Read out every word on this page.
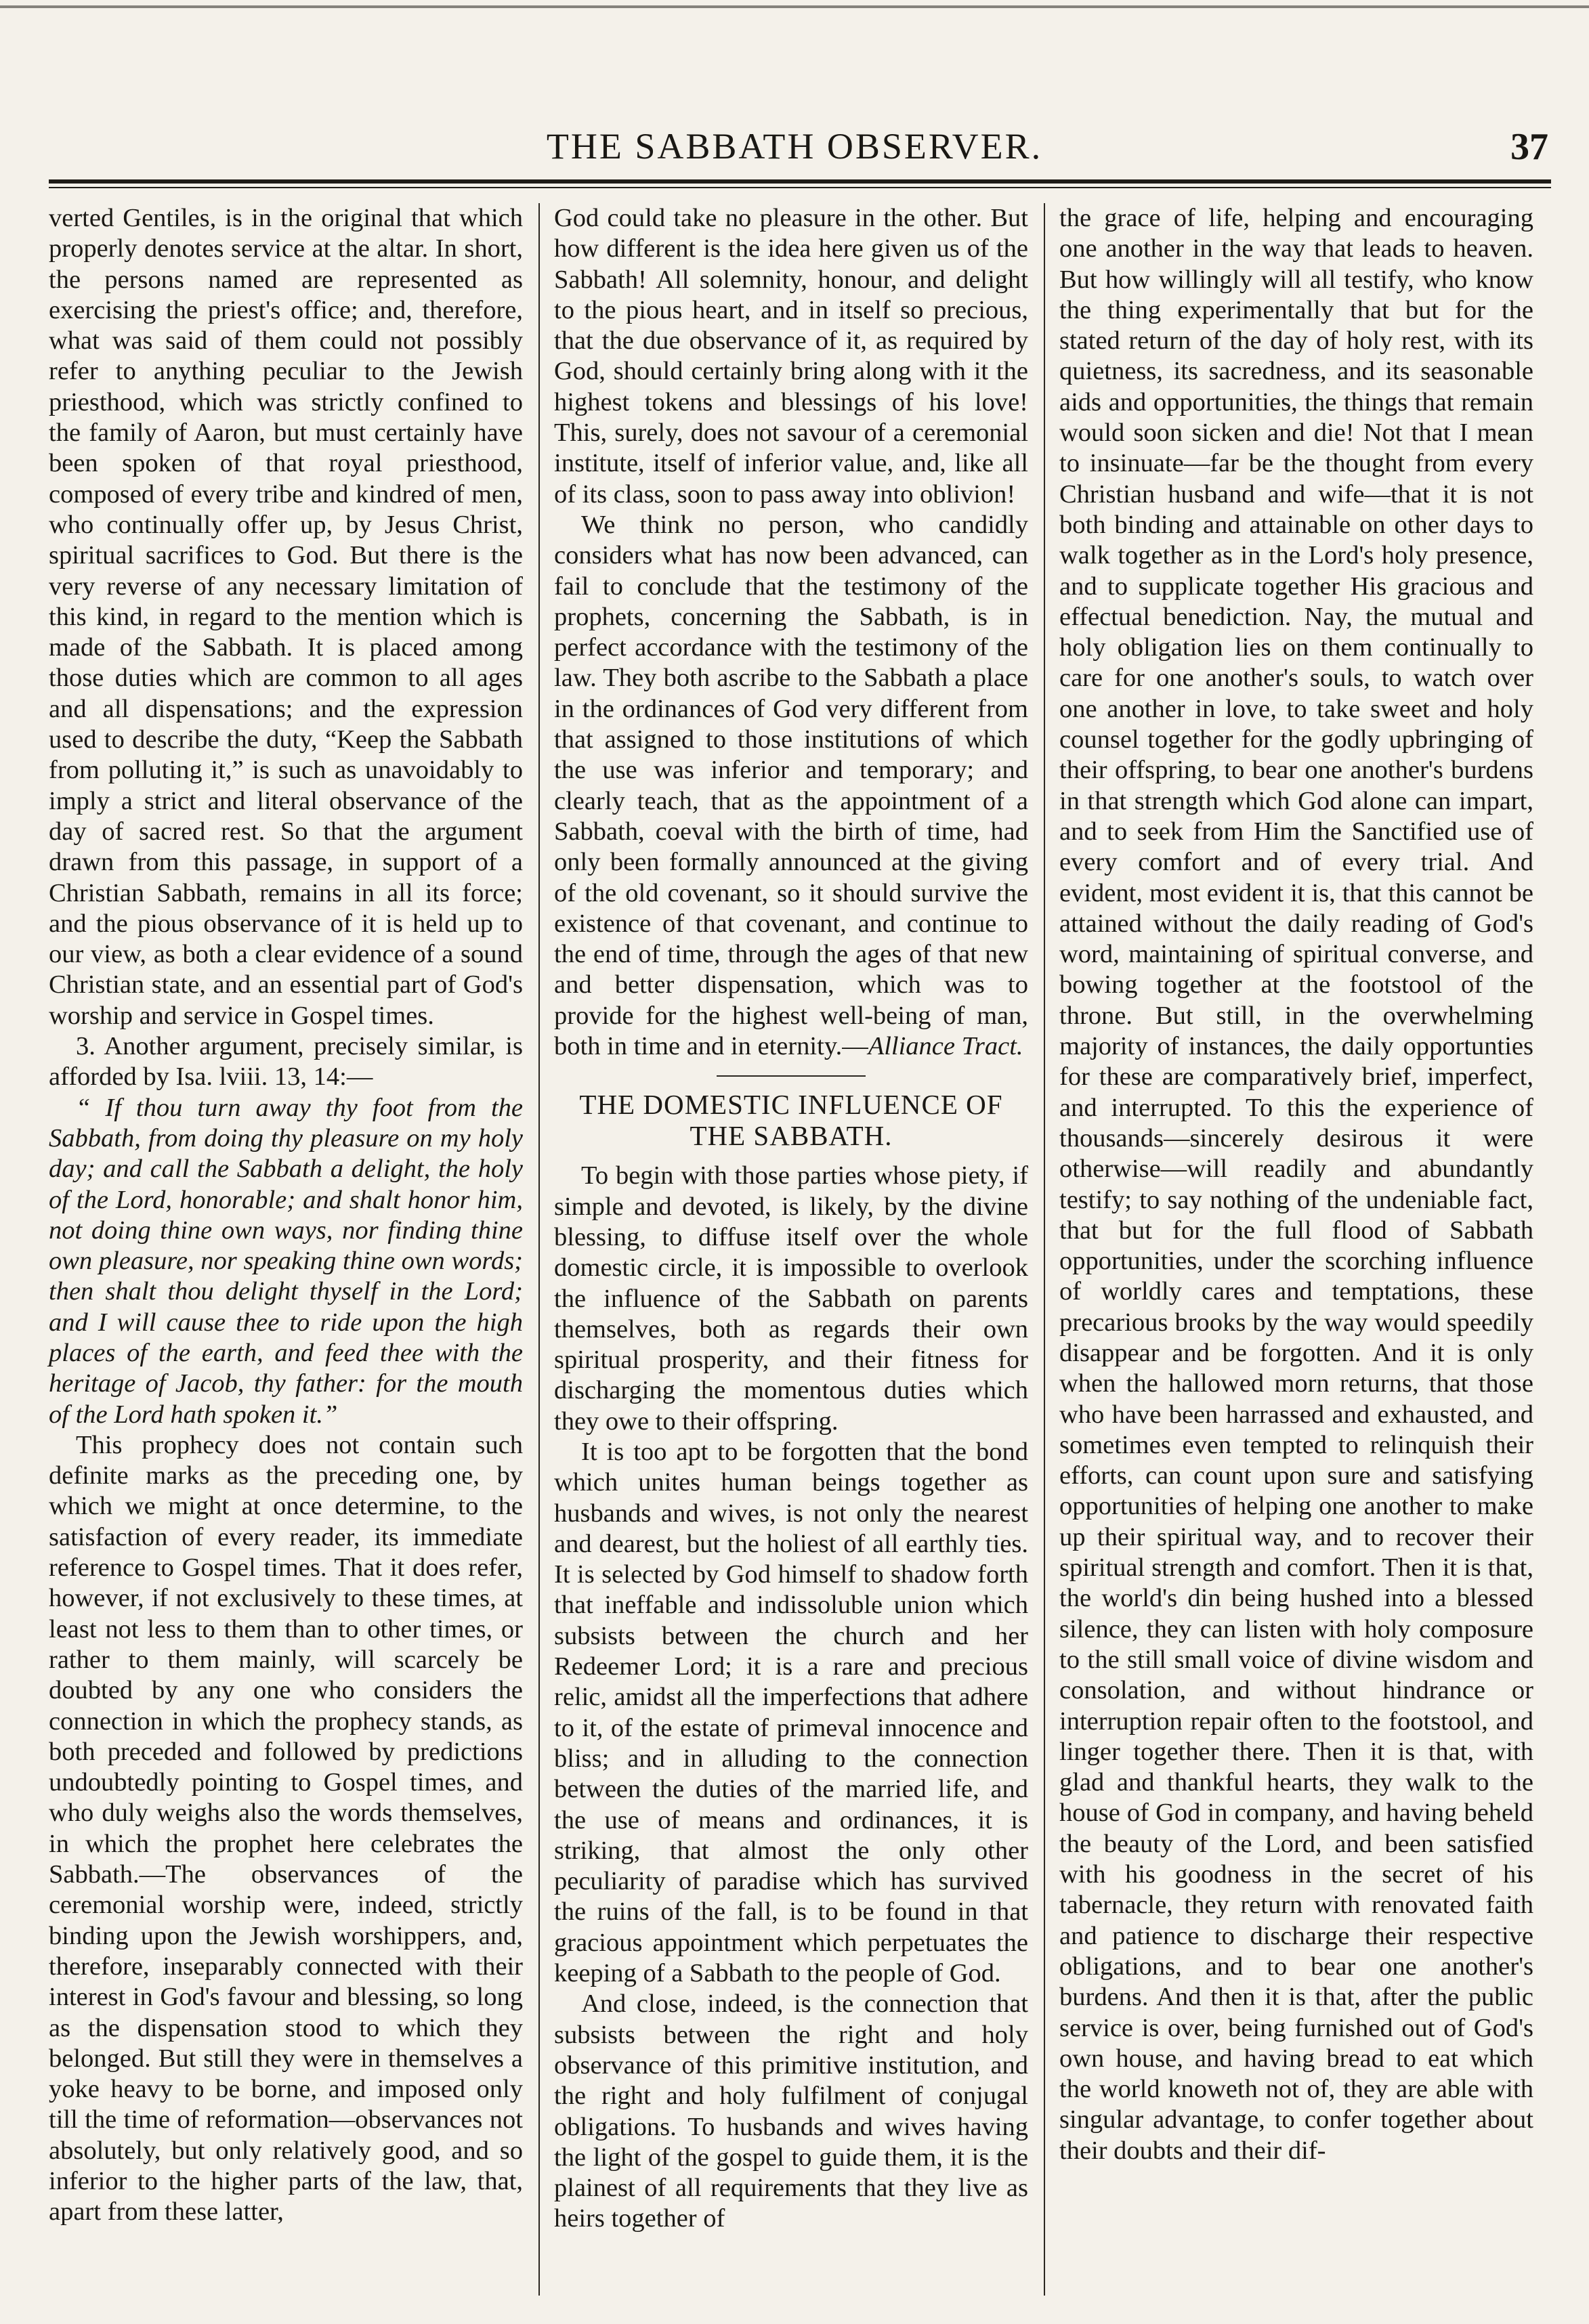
THE SABBATH OBSERVER.	37

verted Gentiles, is in the original that which properly denotes service at the altar. In short, the persons named are represented as exercising the priest's office; and, therefore, what was said of them could not possibly refer to anything peculiar to the Jewish priesthood, which was strictly confined to the family of Aaron, but must certainly have been spoken of that royal priesthood, composed of every tribe and kindred of men, who continually offer up, by Jesus Christ, spiritual sacrifices to God. But there is the very reverse of any necessary limitation of this kind, in regard to the mention which is made of the Sabbath. It is placed among those duties which are common to all ages and all dispensations; and the expression used to describe the duty, “Keep the Sabbath from polluting it,” is such as unavoidably to imply a strict and literal observance of the day of sacred rest. So that the argument drawn from this passage, in support of a Christian Sabbath, remains in all its force; and the pious observance of it is held up to our view, as both a clear evidence of a sound Christian state, and an essential part of God's worship and service in Gospel times.

3. Another argument, precisely similar, is afforded by Isa. lviii. 13, 14:—

“ If thou turn away thy foot from the Sabbath, from doing thy pleasure on my holy day; and call the Sabbath a delight, the holy of the Lord, honorable; and shalt honor him, not doing thine own ways, nor finding thine own pleasure, nor speaking thine own words; then shalt thou delight thyself in the Lord; and I will cause thee to ride upon the high places of the earth, and feed thee with the heritage of Jacob, thy father: for the mouth of the Lord hath spoken it.”

This prophecy does not contain such definite marks as the preceding one, by which we might at once determine, to the satisfaction of every reader, its immediate reference to Gospel times. That it does refer, however, if not exclusively to these times, at least not less to them than to other times, or rather to them mainly, will scarcely be doubted by any one who considers the connection in which the prophecy stands, as both preceded and followed by predictions undoubtedly pointing to Gospel times, and who duly weighs also the words themselves, in which the prophet here celebrates the Sabbath.—The observances of the ceremonial worship were, indeed, strictly binding upon the Jewish worshippers, and, therefore, inseparably connected with their interest in God's favour and blessing, so long as the dispensation stood to which they belonged. But still they were in themselves a yoke heavy to be borne, and imposed only till the time of reformation—observances not absolutely, but only relatively good, and so inferior to the higher parts of the law, that, apart from these latter,

God could take no pleasure in the other. But how different is the idea here given us of the Sabbath! All solemnity, honour, and delight to the pious heart, and in itself so precious, that the due observance of it, as required by God, should certainly bring along with it the highest tokens and blessings of his love! This, surely, does not savour of a ceremonial institute, itself of inferior value, and, like all of its class, soon to pass away into oblivion!

We think no person, who candidly considers what has now been advanced, can fail to conclude that the testimony of the prophets, concerning the Sabbath, is in perfect accordance with the testimony of the law. They both ascribe to the Sabbath a place in the ordinances of God very different from that assigned to those institutions of which the use was inferior and temporary; and clearly teach, that as the appointment of a Sabbath, coeval with the birth of time, had only been formally announced at the giving of the old covenant, so it should survive the existence of that covenant, and continue to the end of time, through the ages of that new and better dispensation, which was to provide for the highest well-being of man, both in time and in eternity.—Alliance Tract.

THE DOMESTIC INFLUENCE OF THE SABBATH.

To begin with those parties whose piety, if simple and devoted, is likely, by the divine blessing, to diffuse itself over the whole domestic circle, it is impossible to overlook the influence of the Sabbath on parents themselves, both as regards their own spiritual prosperity, and their fitness for discharging the momentous duties which they owe to their offspring.

It is too apt to be forgotten that the bond which unites human beings together as husbands and wives, is not only the nearest and dearest, but the holiest of all earthly ties. It is selected by God himself to shadow forth that ineffable and indissoluble union which subsists between the church and her Redeemer Lord; it is a rare and precious relic, amidst all the imperfections that adhere to it, of the estate of primeval innocence and bliss; and in alluding to the connection between the duties of the married life, and the use of means and ordinances, it is striking, that almost the only other peculiarity of paradise which has survived the ruins of the fall, is to be found in that gracious appointment which perpetuates the keeping of a Sabbath to the people of God.

And close, indeed, is the connection that subsists between the right and holy observance of this primitive institution, and the right and holy fulfilment of conjugal obligations. To husbands and wives having the light of the gospel to guide them, it is the plainest of all requirements that they live as heirs together of

the grace of life, helping and encouraging one another in the way that leads to heaven. But how willingly will all testify, who know the thing experimentally that but for the stated return of the day of holy rest, with its quietness, its sacredness, and its seasonable aids and opportunities, the things that remain would soon sicken and die! Not that I mean to insinuate—far be the thought from every Christian husband and wife—that it is not both binding and attainable on other days to walk together as in the Lord's holy presence, and to supplicate together His gracious and effectual benediction. Nay, the mutual and holy obligation lies on them continually to care for one another's souls, to watch over one another in love, to take sweet and holy counsel together for the godly upbringing of their offspring, to bear one another's burdens in that strength which God alone can impart, and to seek from Him the Sanctified use of every comfort and of every trial. And evident, most evident it is, that this cannot be attained without the daily reading of God's word, maintaining of spiritual converse, and bowing together at the footstool of the throne. But still, in the overwhelming majority of instances, the daily opportunties for these are comparatively brief, imperfect, and interrupted. To this the experience of thousands—sincerely desirous it were otherwise—will readily and abundantly testify; to say nothing of the undeniable fact, that but for the full flood of Sabbath opportunities, under the scorching influence of worldly cares and temptations, these precarious brooks by the way would speedily disappear and be forgotten. And it is only when the hallowed morn returns, that those who have been harrassed and exhausted, and sometimes even tempted to relinquish their efforts, can count upon sure and satisfying opportunities of helping one another to make up their spiritual way, and to recover their spiritual strength and comfort. Then it is that, the world's din being hushed into a blessed silence, they can listen with holy composure to the still small voice of divine wisdom and consolation, and without hindrance or interruption repair often to the footstool, and linger together there. Then it is that, with glad and thankful hearts, they walk to the house of God in company, and having beheld the beauty of the Lord, and been satisfied with his goodness in the secret of his tabernacle, they return with renovated faith and patience to discharge their respective obligations, and to bear one another's burdens. And then it is that, after the public service is over, being furnished out of God's own house, and having bread to eat which the world knoweth not of, they are able with singular advantage, to confer together about their doubts and their dif-
